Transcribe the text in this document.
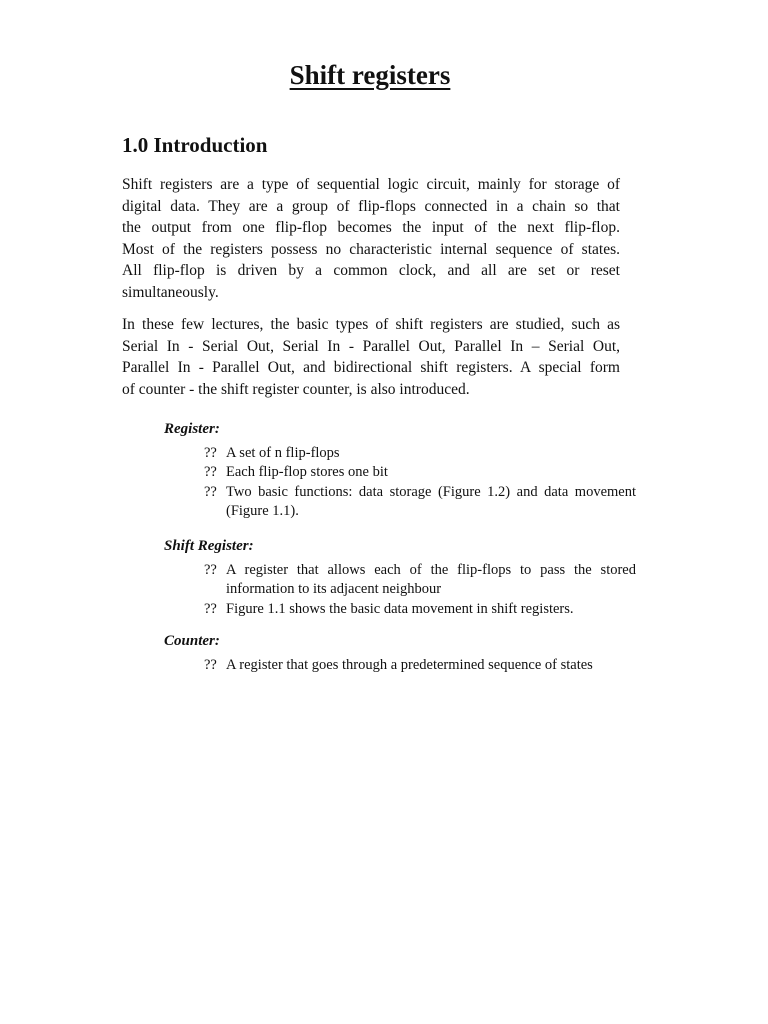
Shift registers
1.0 Introduction

Shift registers are a type of sequential logic circuit, mainly for storage of
digital data. They are a group of flip-flops connected in a chain so that
the output from one flip-flop becomes the input of the next flip-flop.
Most of the registers possess no characteristic internal sequence of states.
All flip-flop is driven by a common clock, and all are set or reset
simultaneously.

In these few lectures, the basic types of shift registers are studied, such as
Serial In - Serial Out, Serial In - Parallel Out, Parallel In – Serial Out,
Parallel In - Parallel Out, and bidirectional shift registers. A special form
of counter - the shift register counter, is also introduced.

Register:

?? A set of n flip-flops
?? Each flip-flop stores one bit
?? Two basic functions: data storage (Figure 1.2) and data movement (Figure 1.1).

Shift Register:

?? A register that allows each of the flip-flops to pass the stored information to its adjacent neighbour
?? Figure 1.1 shows the basic data movement in shift registers.

Counter:

?? A register that goes through a predetermined sequence of states
